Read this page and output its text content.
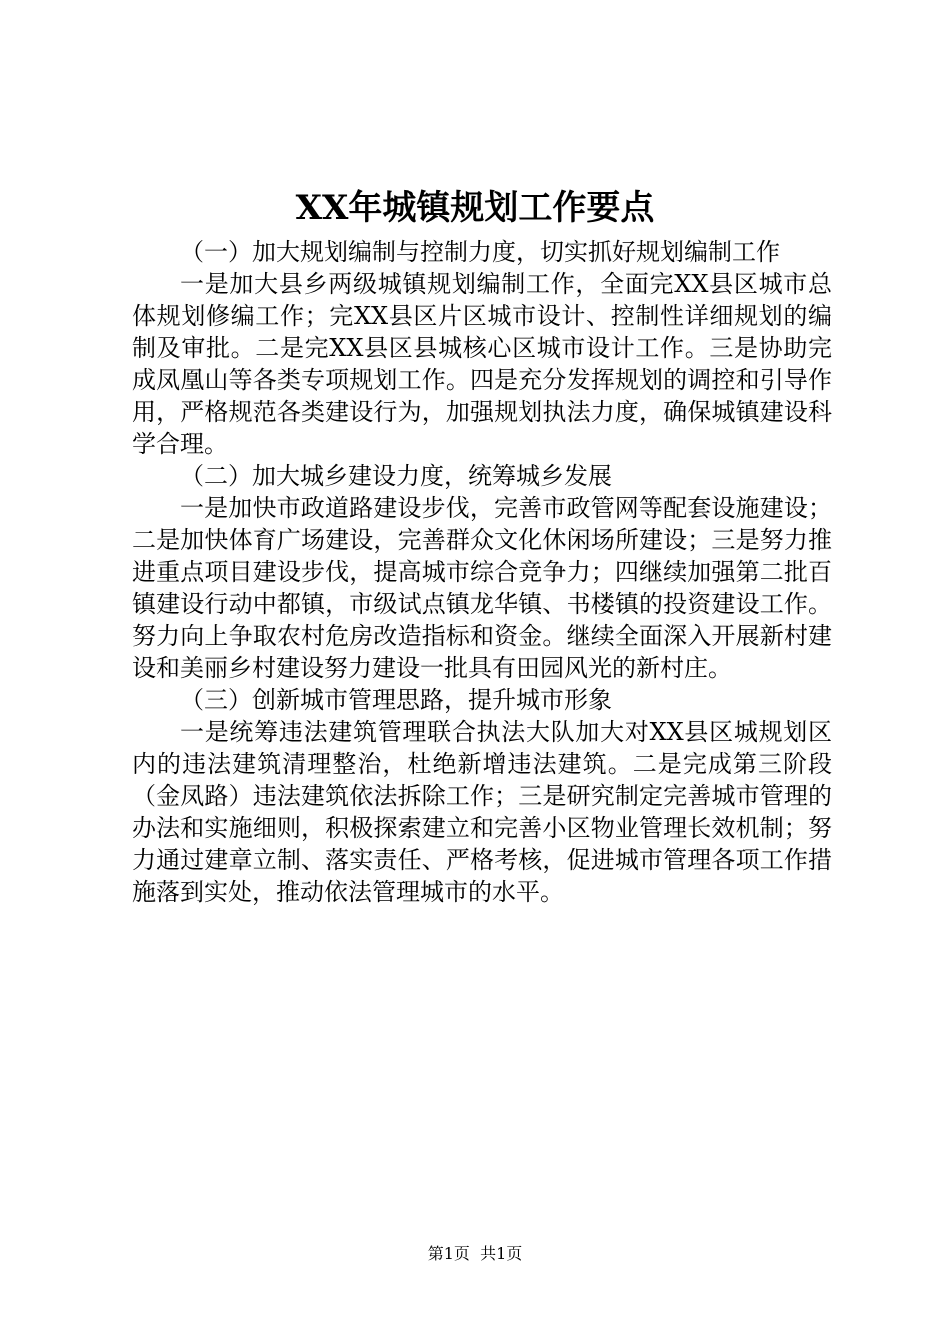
XX年城镇规划工作要点

（一）加大规划编制与控制力度，切实抓好规划编制工作

一是加大县乡两级城镇规划编制工作，全面完XX县区城市总体规划修编工作；完XX县区片区城市设计、控制性详细规划的编制及审批。二是完XX县区县城核心区城市设计工作。三是协助完成凤凰山等各类专项规划工作。四是充分发挥规划的调控和引导作用，严格规范各类建设行为，加强规划执法力度，确保城镇建设科学合理。

（二）加大城乡建设力度，统筹城乡发展

一是加快市政道路建设步伐，完善市政管网等配套设施建设；二是加快体育广场建设，完善群众文化休闲场所建设；三是努力推进重点项目建设步伐，提高城市综合竞争力；四继续加强第二批百镇建设行动中都镇，市级试点镇龙华镇、书楼镇的投资建设工作。努力向上争取农村危房改造指标和资金。继续全面深入开展新村建设和美丽乡村建设努力建设一批具有田园风光的新村庄。

（三）创新城市管理思路，提升城市形象

一是统筹违法建筑管理联合执法大队加大对XX县区城规划区内的违法建筑清理整治，杜绝新增违法建筑。二是完成第三阶段（金凤路）违法建筑依法拆除工作；三是研究制定完善城市管理的办法和实施细则，积极探索建立和完善小区物业管理长效机制；努力通过建章立制、落实责任、严格考核，促进城市管理各项工作措施落到实处，推动依法管理城市的水平。

第1页 共1页
